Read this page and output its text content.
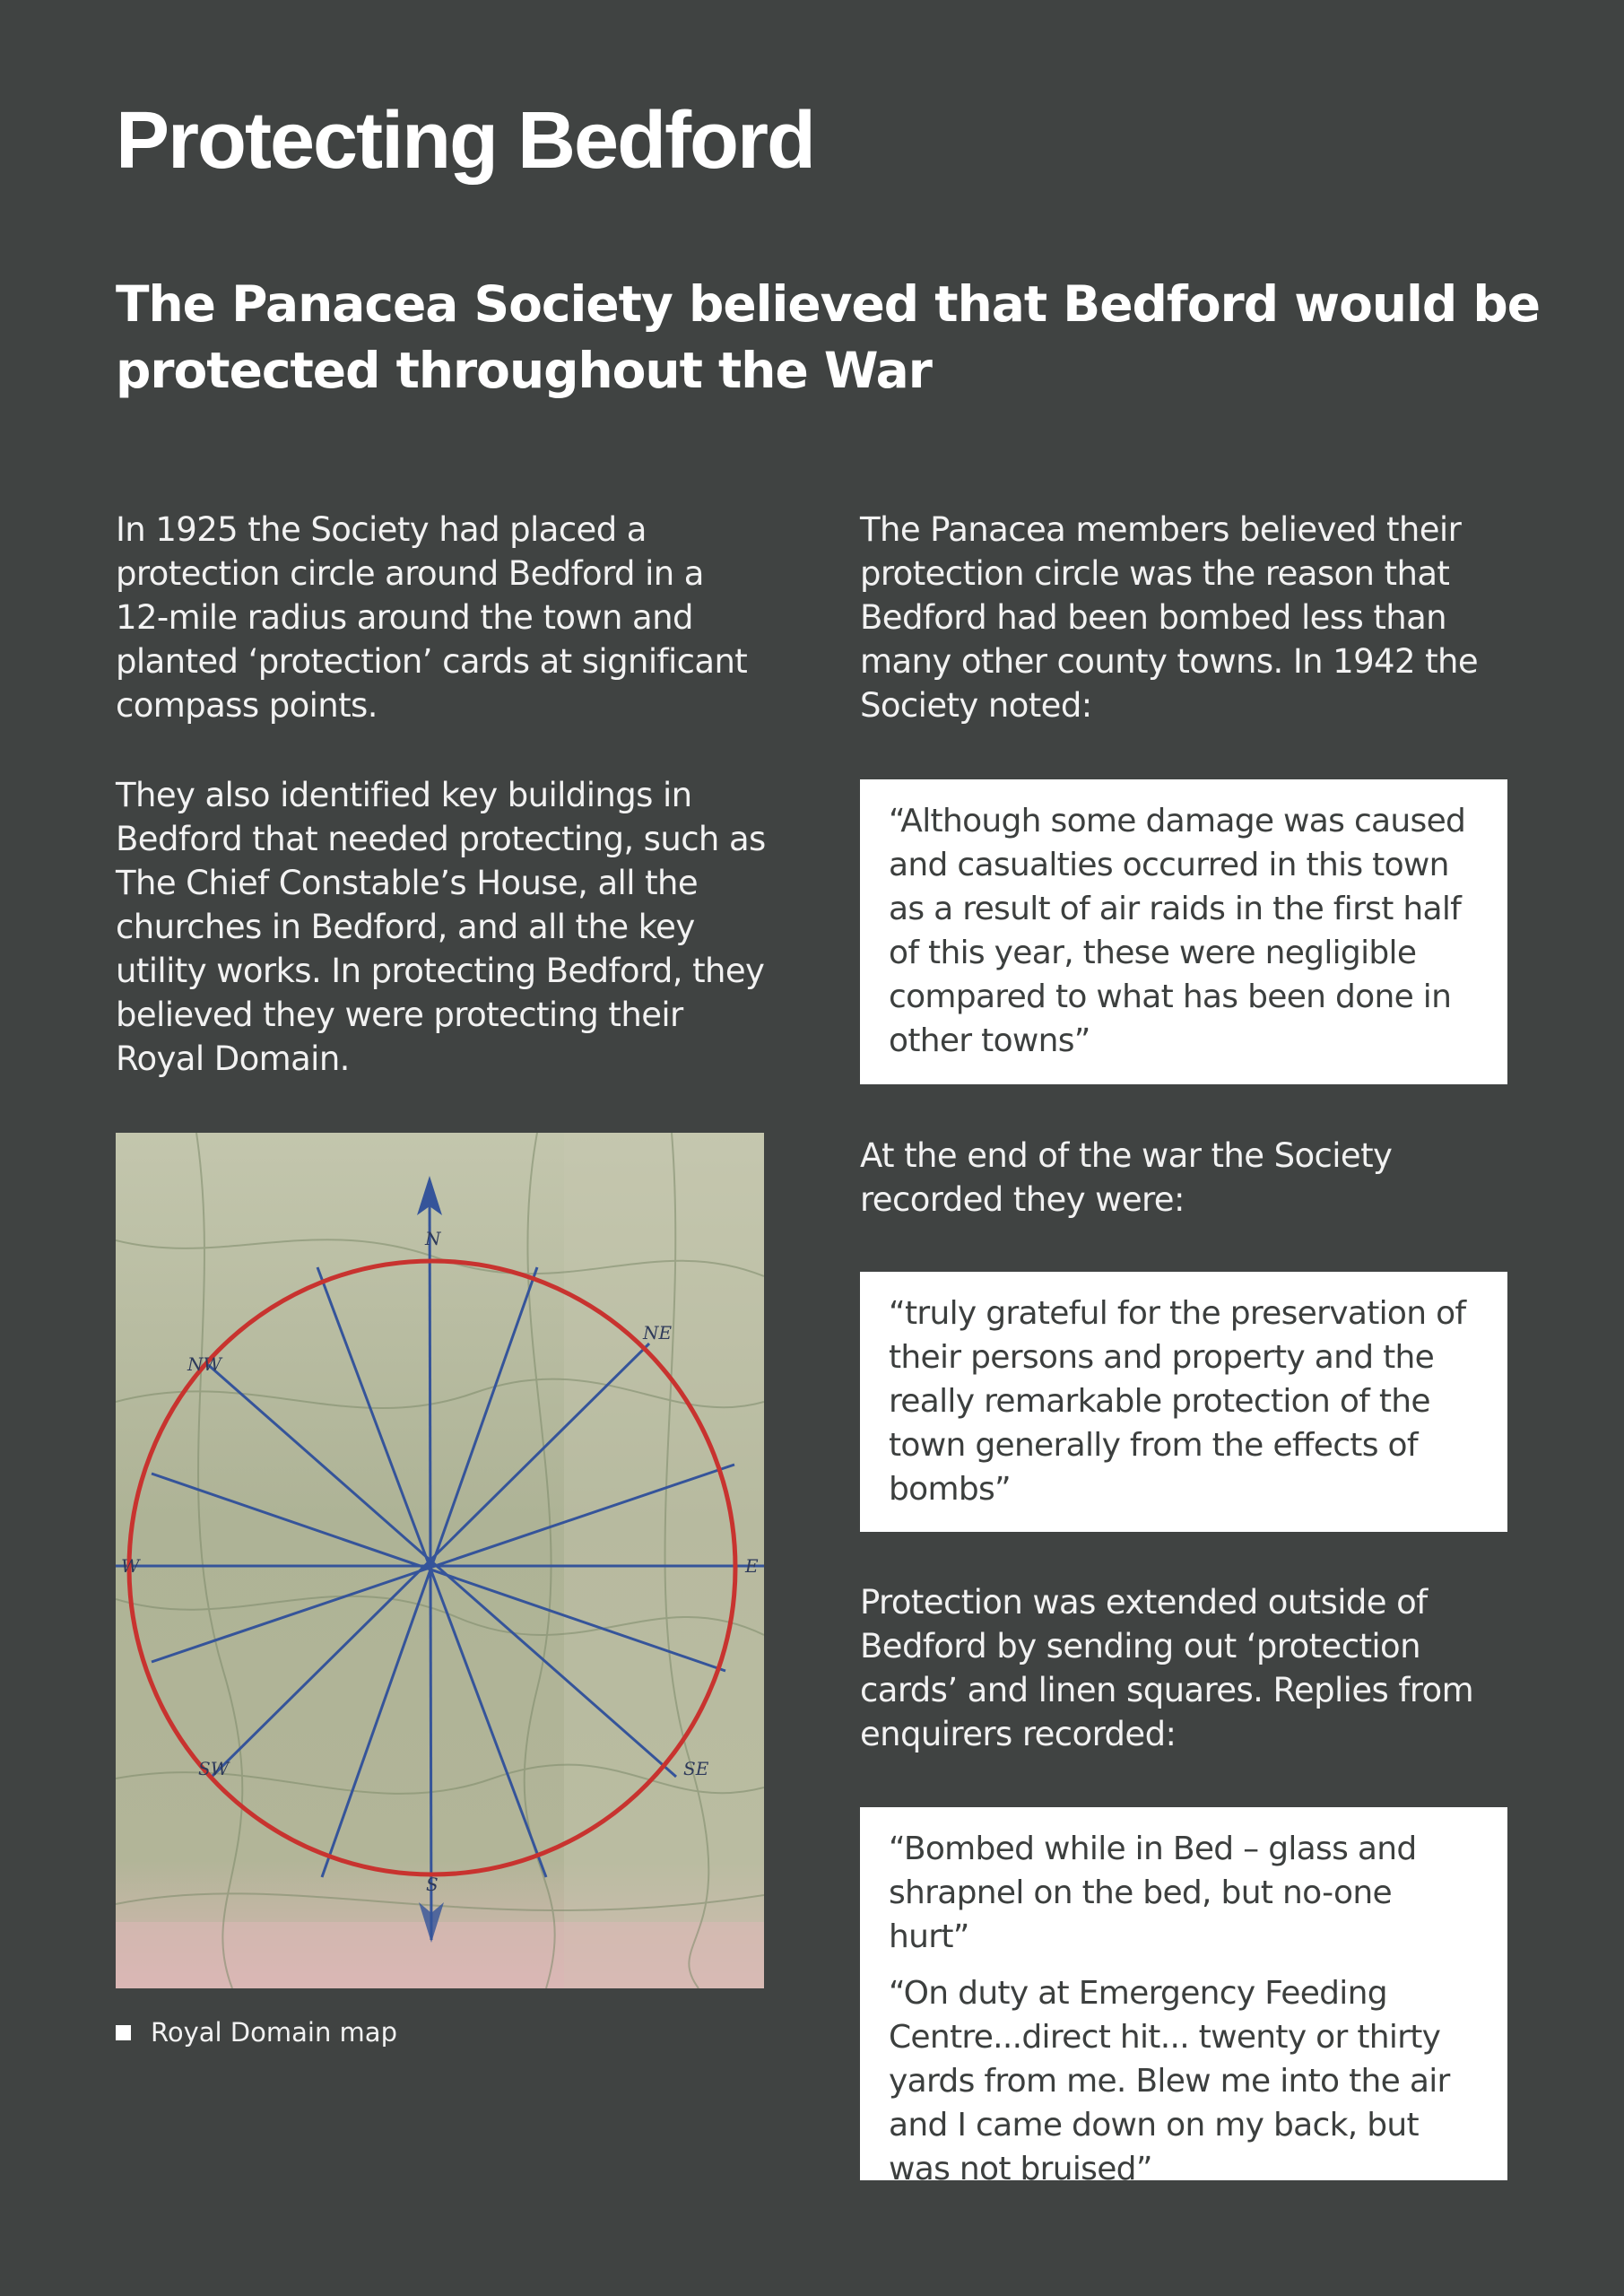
Protecting Bedford
The Panacea Society believed that Bedford would be protected throughout the War

In 1925 the Society had placed a protection circle around Bedford in a 12-mile radius around the town and planted ‘protection’ cards at significant compass points.

They also identified key buildings in Bedford that needed protecting, such as The Chief Constable’s House, all the churches in Bedford, and all the key utility works. In protecting Bedford, they believed they were protecting their Royal Domain.

N
NE
E
SE
S
SW
W
NW
Royal Domain map

The Panacea members believed their protection circle was the reason that Bedford had been bombed less than many other county towns. In 1942 the Society noted:

“Although some damage was caused and casualties occurred in this town as a result of air raids in the first half of this year, these were negligible compared to what has been done in other towns”

At the end of the war the Society recorded they were:

“truly grateful for the preservation of their persons and property and the really remarkable protection of the town generally from the effects of bombs”

Protection was extended outside of Bedford by sending out ‘protection cards’ and linen squares. Replies from enquirers recorded:

“Bombed while in Bed – glass and shrapnel on the bed, but no-one hurt”

“On duty at Emergency Feeding Centre...direct hit... twenty or thirty yards from me. Blew me into the air and I came down on my back, but was not bruised”
